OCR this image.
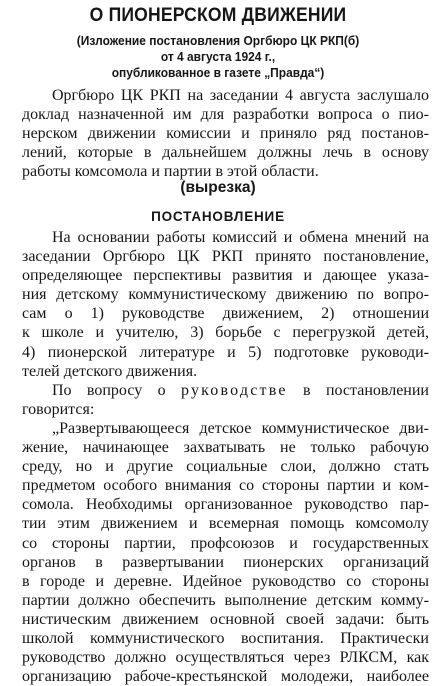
О ПИОНЕРСКОМ ДВИЖЕНИИ
(Изложение постановления Оргбюро ЦК РКП(б)
от 4 августа 1924 г.,
опубликованное в газете „Правда“)
Оргбюро ЦК РКП на заседании 4 августа заслушало
доклад назначенной им для разработки вопроса о пио-
нерском движении комиссии и приняло ряд постанов-
лений, которые в дальнейшем должны лечь в основу
работы комсомола и партии в этой области.
(вырезка)
ПОСТАНОВЛЕНИЕ
На основании работы комиссий и обмена мнений на
заседании Оргбюро ЦК РКП принято постановление,
определяющее перспективы развития и дающее указа-
ния детскому коммунистическому движению по вопро-
сам о 1) руководстве движением, 2) отношении
к школе и учителю, 3) борьбе с перегрузкой детей,
4) пионерской литературе и 5) подготовке руководи-
телей детского движения.
По вопросу о руководстве в постановлении
говорится:
„Развертывающееся детское коммунистическое дви-
жение, начинающее захватывать не только рабочую
среду, но и другие социальные слои, должно стать
предметом особого внимания со стороны партии и ком-
сомола. Необходимы организованное руководство пар-
тии этим движением и всемерная помощь комсомолу
со стороны партии, профсоюзов и государственных
органов в развертывании пионерских организаций
в городе и деревне. Идейное руководство со стороны
партии должно обеспечить выполнение детским комму-
нистическим движением основной своей задачи: быть
школой коммунистического воспитания. Практически
руководство должно осуществляться через РЛКСМ, как
организацию рабоче-крестьянской молодежи, наиболее
